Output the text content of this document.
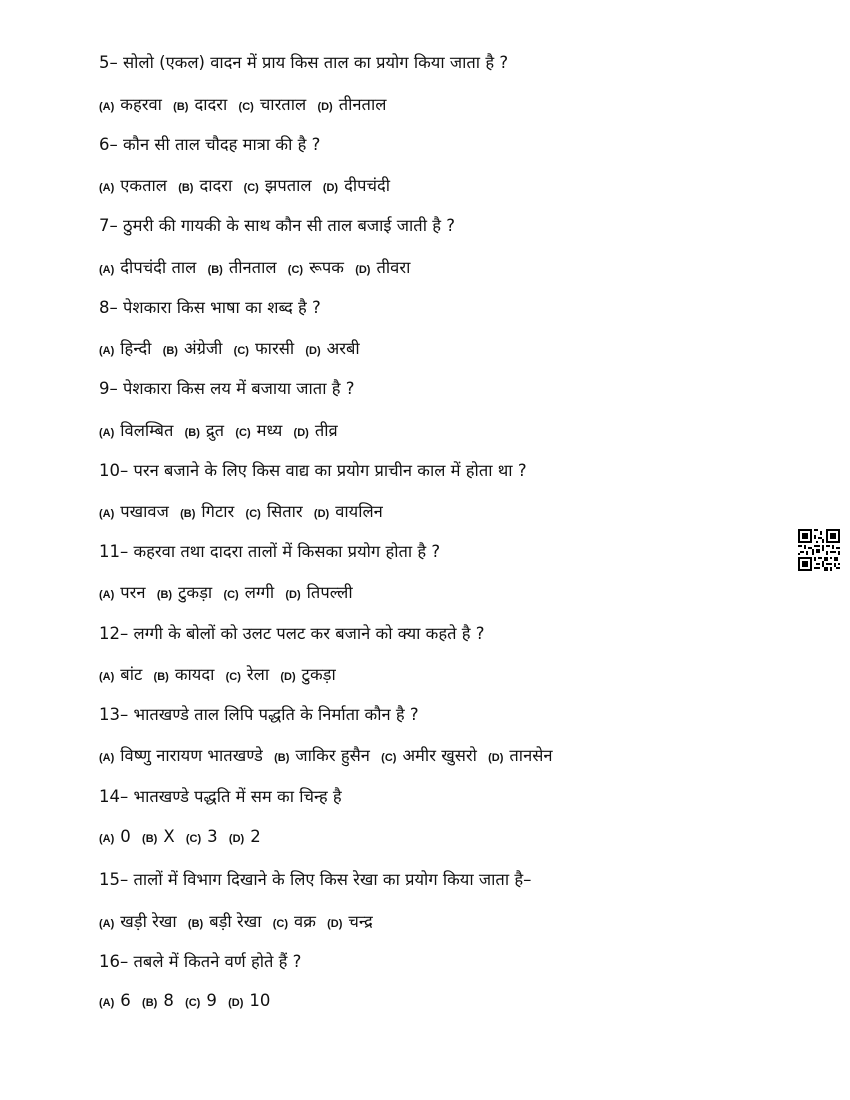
5– सोलो (एकल) वादन में प्राय किस ताल का प्रयोग किया जाता है ?
(A) कहरवा (B) दादरा (C) चारताल (D) तीनताल
6– कौन सी ताल चौदह मात्रा की है ?
(A) एकताल (B) दादरा (C) झपताल (D) दीपचंदी
7– ठुमरी की गायकी के साथ कौन सी ताल बजाई जाती है ?
(A) दीपचंदी ताल (B) तीनताल (C) रूपक (D) तीवरा
8– पेशकारा किस भाषा का शब्द है ?
(A) हिन्दी (B) अंग्रेजी (C) फारसी (D) अरबी
9– पेशकारा किस लय में बजाया जाता है ?
(A) विलम्बित (B) द्रुत (C) मध्य (D) तीव्र
10– परन बजाने के लिए किस वाद्य का प्रयोग प्राचीन काल में होता था ?
(A) पखावज (B) गिटार (C) सितार (D) वायलिन
11– कहरवा तथा दादरा तालों में किसका प्रयोग होता है ?
(A) परन (B) टुकड़ा (C) लग्गी (D) तिपल्ली
12– लग्गी के बोलों को उलट पलट कर बजाने को क्या कहते है ?
(A) बांट (B) कायदा (C) रेला (D) टुकड़ा
13– भातखण्डे ताल लिपि पद्धति के निर्माता कौन है ?
(A) विष्णु नारायण भातखण्डे (B) जाकिर हुसैन (C) अमीर खुसरो (D) तानसेन
14– भातखण्डे पद्धति में सम का चिन्ह है
(A) 0 (B) X (C) 3 (D) 2
15– तालों में विभाग दिखाने के लिए किस रेखा का प्रयोग किया जाता है–
(A) खड़ी रेखा (B) बड़ी रेखा (C) वक्र (D) चन्द्र
16– तबले में कितने वर्ण होते हैं ?
(A) 6 (B) 8 (C) 9 (D) 10
